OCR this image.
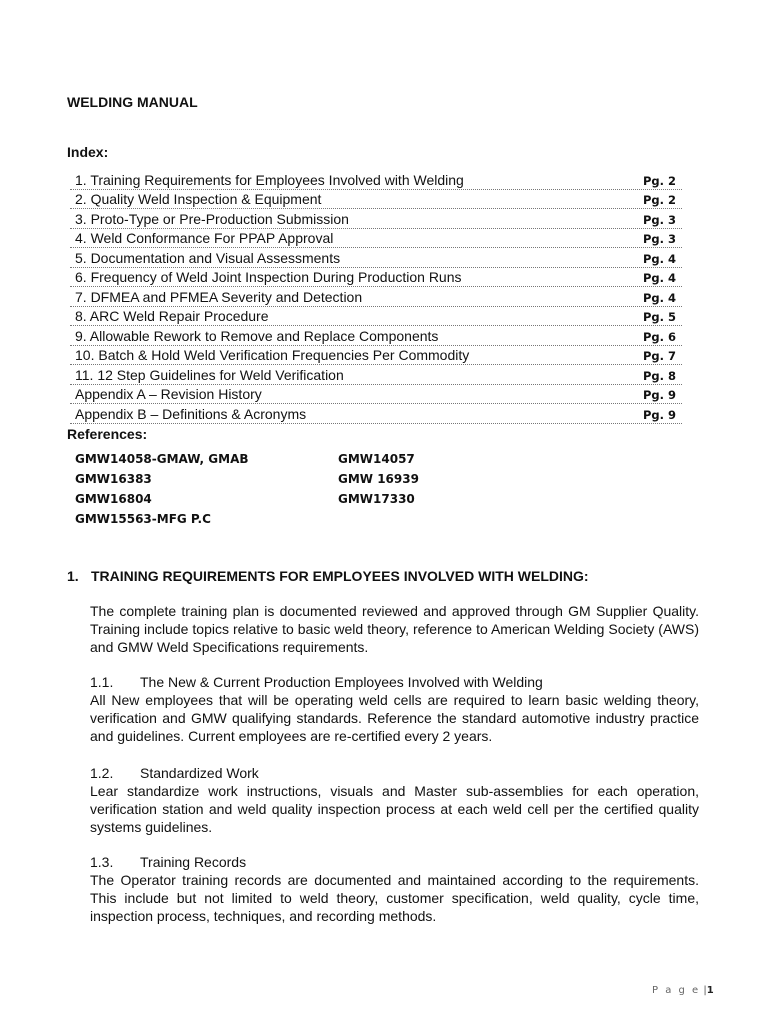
WELDING MANUAL
Index:
1. Training Requirements for Employees Involved with Welding	Pg. 2
2. Quality Weld Inspection & Equipment	Pg. 2
3. Proto-Type or Pre-Production Submission	Pg. 3
4. Weld Conformance For PPAP Approval	Pg. 3
5. Documentation and Visual Assessments	Pg. 4
6. Frequency of Weld Joint Inspection During Production Runs	Pg. 4
7. DFMEA and PFMEA Severity and Detection	Pg. 4
8. ARC Weld Repair Procedure	Pg. 5
9. Allowable Rework to Remove and Replace Components	Pg. 6
10. Batch & Hold Weld Verification Frequencies Per Commodity	Pg. 7
11. 12 Step Guidelines for Weld Verification	Pg. 8
Appendix A – Revision History	Pg. 9
Appendix B – Definitions & Acronyms	Pg. 9
References:
GMW14058-GMAW, GMAB	GMW14057
GMW16383	GMW 16939
GMW16804	GMW17330
GMW15563-MFG P.C
1. TRAINING REQUIREMENTS FOR EMPLOYEES INVOLVED WITH WELDING:

The complete training plan is documented reviewed and approved through GM Supplier Quality. Training include topics relative to basic weld theory, reference to American Welding Society (AWS) and GMW Weld Specifications requirements.

1.1. The New & Current Production Employees Involved with Welding

All New employees that will be operating weld cells are required to learn basic welding theory, verification and GMW qualifying standards. Reference the standard automotive industry practice and guidelines. Current employees are re-certified every 2 years.

1.2. Standardized Work

Lear standardize work instructions, visuals and Master sub-assemblies for each operation, verification station and weld quality inspection process at each weld cell per the certified quality systems guidelines.

1.3. Training Records

The Operator training records are documented and maintained according to the requirements. This include but not limited to weld theory, customer specification, weld quality, cycle time, inspection process, techniques, and recording methods.

P a g e |1
